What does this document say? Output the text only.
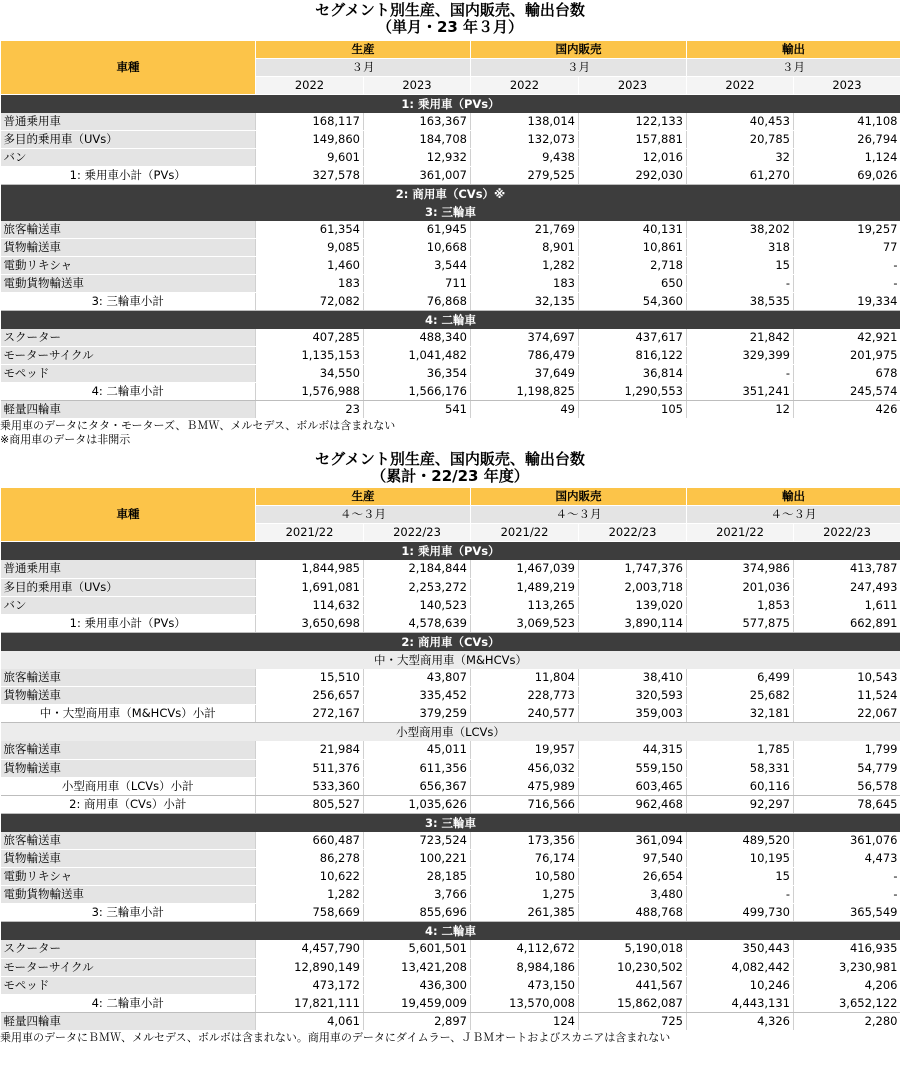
セグメント別生産、国内販売、輸出台数
（単月・23 年３月）
車種	生産		国内販売		輸出	
	３月		３月		３月	
	2022	2023	2022	2023	2022	2023
1: 乗用車（PVs）						
普通乗用車	168,117	163,367	138,014	122,133	40,453	41,108
多目的乗用車（UVs）	149,860	184,708	132,073	157,881	20,785	26,794
バン	9,601	12,932	9,438	12,016	32	1,124
1: 乗用車小計（PVs）	327,578	361,007	279,525	292,030	61,270	69,026
2: 商用車（CVs）※						
3: 三輪車						
旅客輸送車	61,354	61,945	21,769	40,131	38,202	19,257
貨物輸送車	9,085	10,668	8,901	10,861	318	77
電動リキシャ	1,460	3,544	1,282	2,718	15	-
電動貨物輸送車	183	711	183	650	-	-
3: 三輪車小計	72,082	76,868	32,135	54,360	38,535	19,334
4: 二輪車						
スクーター	407,285	488,340	374,697	437,617	21,842	42,921
モーターサイクル	1,135,153	1,041,482	786,479	816,122	329,399	201,975
モペッド	34,550	36,354	37,649	36,814	-	678
4: 二輪車小計	1,576,988	1,566,176	1,198,825	1,290,553	351,241	245,574
軽量四輪車	23	541	49	105	12	426
乗用車のデータにタタ・モーターズ、ＢＭＷ、メルセデス、ボルボは含まれない
※商用車のデータは非開示
セグメント別生産、国内販売、輸出台数
（累計・22/23 年度）
車種	生産		国内販売		輸出	
	４～３月		４～３月		４～３月	
	2021/22	2022/23	2021/22	2022/23	2021/22	2022/23
1: 乗用車（PVs）						
普通乗用車	1,844,985	2,184,844	1,467,039	1,747,376	374,986	413,787
多目的乗用車（UVs）	1,691,081	2,253,272	1,489,219	2,003,718	201,036	247,493
バン	114,632	140,523	113,265	139,020	1,853	1,611
1: 乗用車小計（PVs）	3,650,698	4,578,639	3,069,523	3,890,114	577,875	662,891
2: 商用車（CVs）						
中・大型商用車（M&HCVs）						
旅客輸送車	15,510	43,807	11,804	38,410	6,499	10,543
貨物輸送車	256,657	335,452	228,773	320,593	25,682	11,524
中・大型商用車（M&HCVs）小計	272,167	379,259	240,577	359,003	32,181	22,067
小型商用車（LCVs）						
旅客輸送車	21,984	45,011	19,957	44,315	1,785	1,799
貨物輸送車	511,376	611,356	456,032	559,150	58,331	54,779
小型商用車（LCVs）小計	533,360	656,367	475,989	603,465	60,116	56,578
2: 商用車（CVs）小計	805,527	1,035,626	716,566	962,468	92,297	78,645
3: 三輪車						
旅客輸送車	660,487	723,524	173,356	361,094	489,520	361,076
貨物輸送車	86,278	100,221	76,174	97,540	10,195	4,473
電動リキシャ	10,622	28,185	10,580	26,654	15	-
電動貨物輸送車	1,282	3,766	1,275	3,480	-	-
3: 三輪車小計	758,669	855,696	261,385	488,768	499,730	365,549
4: 二輪車						
スクーター	4,457,790	5,601,501	4,112,672	5,190,018	350,443	416,935
モーターサイクル	12,890,149	13,421,208	8,984,186	10,230,502	4,082,442	3,230,981
モペッド	473,172	436,300	473,150	441,567	10,246	4,206
4: 二輪車小計	17,821,111	19,459,009	13,570,008	15,862,087	4,443,131	3,652,122
軽量四輪車	4,061	2,897	124	725	4,326	2,280
乗用車のデータにＢＭＷ、メルセデス、ボルボは含まれない。商用車のデータにダイムラー、ＪＢＭオートおよびスカニアは含まれない
